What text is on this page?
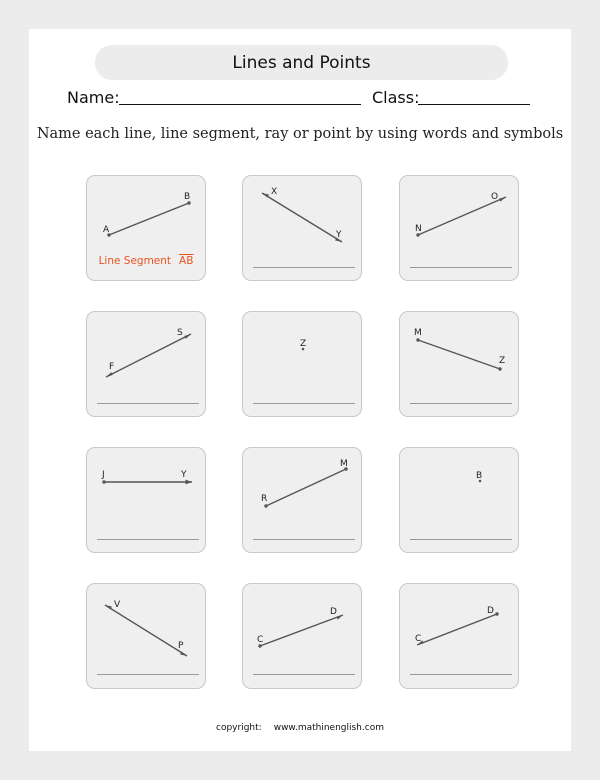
Lines and Points
Name:	Class:
Name each line, line segment, ray or point by using words and symbols
A
B
Line Segment $\overline{AB}$
X
Y
N
O
F
S
Z
M
Z
J	Y
R
M
B
V
P
C
D
C
D
copyright: www.mathinenglish.com
